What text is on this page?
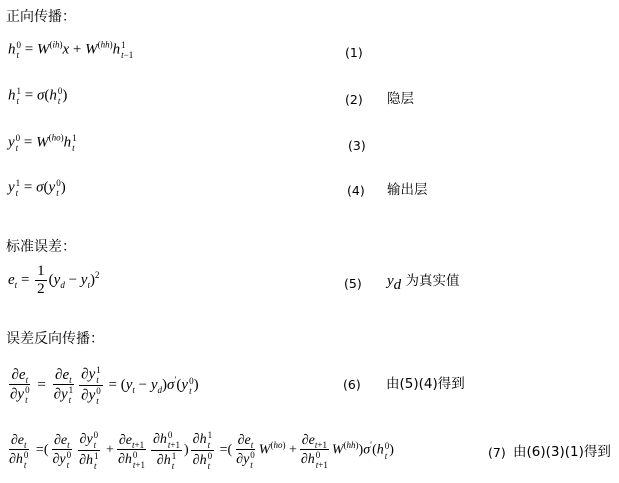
正向传播：
h 0
$t = W^{(ih)}x + W^{(hh)}h$ 1
t−1	(1)
h 1
t = σ(h 0
t )	(2) 隐层
y 0
$t = W^{(ho)}h$ 1
t	(3)
y 1
t = σ(y 0
t )	(4) 输出层
标准误差：
$e_t = \frac{1}{2} (y_d - y_t)^2$
(5) $y_d$ 为真实值
误差反向传播：
$\partial e_t$
∂y 0
$t = \partial e_t$
∂y 1
t ∂y 1
t
∂y 0
$t = (y_t - y_d)\sigma'(y$ 0
t )	(6) 由(5)(4)得到
$\partial e_t$
∂h 0
t =( $\partial e_t$
∂y 0
t ∂y 0
t
∂h 1
$t + \partial e_{t+1}$
∂h 0
t+1 ∂h 0
t+1
∂h 1
t ) ∂h 1
t
∂h 0
t =( $\partial e_t$
∂y 0
t $W^{(ho)} + \partial e_{t+1}$
∂h 0
t+1 $W^{(hh)})\sigma'(h$ 0
t )	(7) 由(6)(3)(1)得到
